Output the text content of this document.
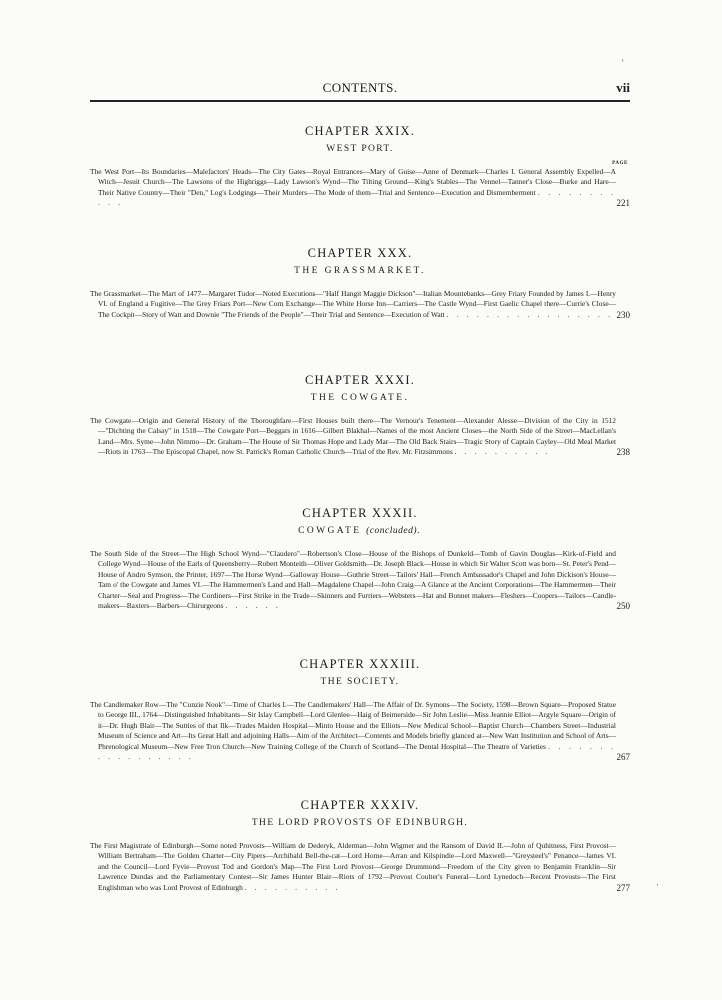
CONTENTS.	vii
CHAPTER XXIX.
WEST PORT.
PAGE
The West Port—Its Boundaries—Malefactors' Heads—The City Gates—Royal Entrances—Mary of Guise—Anne of Denmark—Charles I. General Assembly Expelled—A Witch—Jesuit Church—The Lawsons of the Highriggs—Lady Lawson's Wynd—The Tilting Ground—King's Stables—The Vennel—Tanner's Close—Burke and Hare—Their Native Country—Their "Den," Log's Lodgings—Their Murders—The Mode of them—Trial and Sentence—Execution and Dismemberment . . . . . . . . . . .	221
CHAPTER XXX.
THE GRASSMARKET.
The Grassmarket—The Mart of 1477—Margaret Tudor—Noted Executions—"Half Hangit Maggie Dickson"—Italian Mountebanks—Grey Friary Founded by James I.—Henry VI. of England a Fugitive—The Grey Friars Port—New Corn Exchange—The White Horse Inn—Carriers—The Castle Wynd—First Gaelic Chapel there—Currie's Close—The Cockpit—Story of Watt and Downie "The Friends of the People"—Their Trial and Sentence—Execution of Watt . . . . . . . . . . . . . . . . . 230
CHAPTER XXXI.
THE COWGATE.
The Cowgate—Origin and General History of the Thoroughfare—First Houses built there—The Vernour's Tenement—Alexander Alesse—Division of the City in 1512—"Dichting the Calsay" in 1518—The Cowgate Port—Beggars in 1616—Gilbert Blakhal—Names of the most Ancient Closes—the North Side of the Street—MacLellan's Land—Mrs. Syme—John Nimmo—Dr. Graham—The House of Sir Thomas Hope and Lady Mar—The Old Back Stairs—Tragic Story of Captain Cayley—Old Meal Market—Riots in 1763—The Episcopal Chapel, now St. Patrick's Roman Catholic Church—Trial of the Rev. Mr. Fitzsimmons . . . . . . . . . .	238
CHAPTER XXXII.
COWGATE (concluded).
The South Side of the Street—The High School Wynd—"Claudero"—Robertson's Close—House of the Bishops of Dunkeld—Tomb of Gavin Douglas—Kirk-of-Field and College Wynd—House of the Earls of Queensberry—Robert Monteith—Oliver Goldsmith—Dr. Joseph Black—House in which Sir Walter Scott was born—St. Peter's Pend—House of Andro Symson, the Printer, 1697—The Horse Wynd—Galloway House—Guthrie Street—Tailors' Hall—French Ambassador's Chapel and John Dickison's House—Tam o' the Cowgate and James VI.—The Hammermen's Land and Hall—Magdalene Chapel—John Craig—A Glance at the Ancient Corporations—The Hammermen—Their Charter—Seal and Progress—The Cordiners—First Strike in the Trade—Skinners and Furriers—Websters—Hat and Bonnet makers—Fleshers—Coopers—Tailors—Candle-makers—Baxters—Barbers—Chirurgeons . . . . . .	250
CHAPTER XXXIII.
THE SOCIETY.
The Candlemaker Row—The "Cunzie Nook"—Time of Charles I.—The Candlemakers' Hall—The Affair of Dr. Symons—The Society, 1598—Brown Square—Proposed Statue to George III., 1764—Distinguished Inhabitants—Sir Islay Campbell—Lord Glenlee—Haig of Beimerside—Sir John Leslie—Miss Jeannie Elliot—Argyle Square—Origin of it—Dr. Hugh Blair—The Sutties of that Ilk—Trades Maiden Hospital—Minto House and the Elliots—New Medical School—Baptist Church—Chambers Street—Industrial Museum of Science and Art—Its Great Hall and adjoining Halls—Aim of the Architect—Contents and Models briefly glanced at—New Watt Institution and School of Arts—Phrenological Museum—New Free Tron Church—New Training College of the Church of Scotland—The Dental Hospital—The Theatre of Varieties . . . . . . . . . . . . . . . . .	267
CHAPTER XXXIV.
THE LORD PROVOSTS OF EDINBURGH.
The First Magistrate of Edinburgh—Some noted Provosts—William de Dederyk, Alderman—John Wigmer and the Ransom of David II.—John of Quhitness, First Provost—William Bertraham—The Golden Charter—City Pipers—Archibald Bell-the-cat—Lord Home—Arran and Kilspindie—Lord Maxwell—"Greysteel's" Penance—James VI. and the Council—Lord Fyvie—Provost Tod and Gordon's Map—The First Lord Provost—George Drummond—Freedom of the City given to Benjamin Franklin—Sir Lawrence Dundas and the Parliamentary Contest—Sir James Hunter Blair—Riots of 1792—Provost Coulter's Funeral—Lord Lynedoch—Recent Provosts—The First Englishman who was Lord Provost of Edinburgh . . . . . . . . . .	277
'
·
